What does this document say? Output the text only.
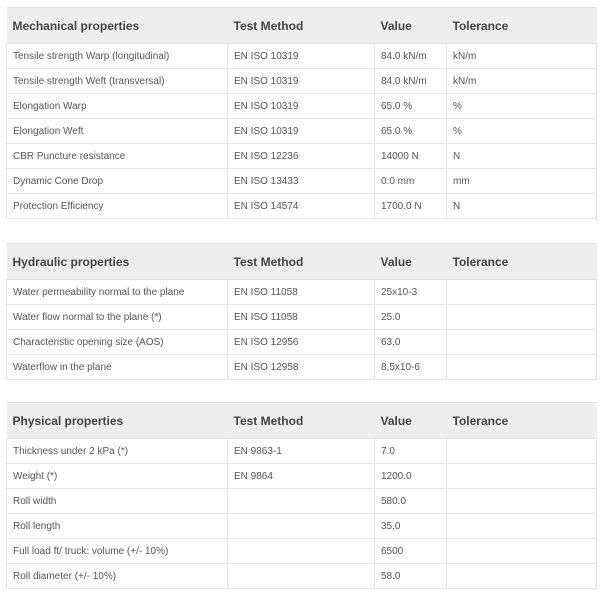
Mechanical properties	Test Method	Value	Tolerance
Tensile strength Warp (longitudinal)	EN ISO 10319	84.0 kN/m	kN/m
Tensile strength Weft (transversal)	EN ISO 10319	84.0 kN/m	kN/m
Elongation Warp	EN ISO 10319	65.0 %	%
Elongation Weft	EN ISO 10319	65.0 %	%
CBR Puncture resistance	EN ISO 12236	14000 N	N
Dynamic Cone Drop	EN ISO 13433	0.0 mm	mm
Protection Efficiency	EN ISO 14574	1700.0 N	N
Hydraulic properties	Test Method	Value	Tolerance
Water permeability normal to the plane	EN ISO 11058	25x10-3	
Water flow normal to the plane (*)	EN ISO 11058	25.0	
Characteristic opening size (AOS)	EN ISO 12956	63.0	
Waterflow in the plane	EN ISO 12958	8,5x10-6	
Physical properties	Test Method	Value	Tolerance
Thickness under 2 kPa (*)	EN 9863-1	7.0	
Weight (*)	EN 9864	1200.0	
Roll width		580.0	
Roll length		35.0	
Full load ft/ truck: volume (+/- 10%)		6500	
Roll diameter (+/- 10%)		58.0	
